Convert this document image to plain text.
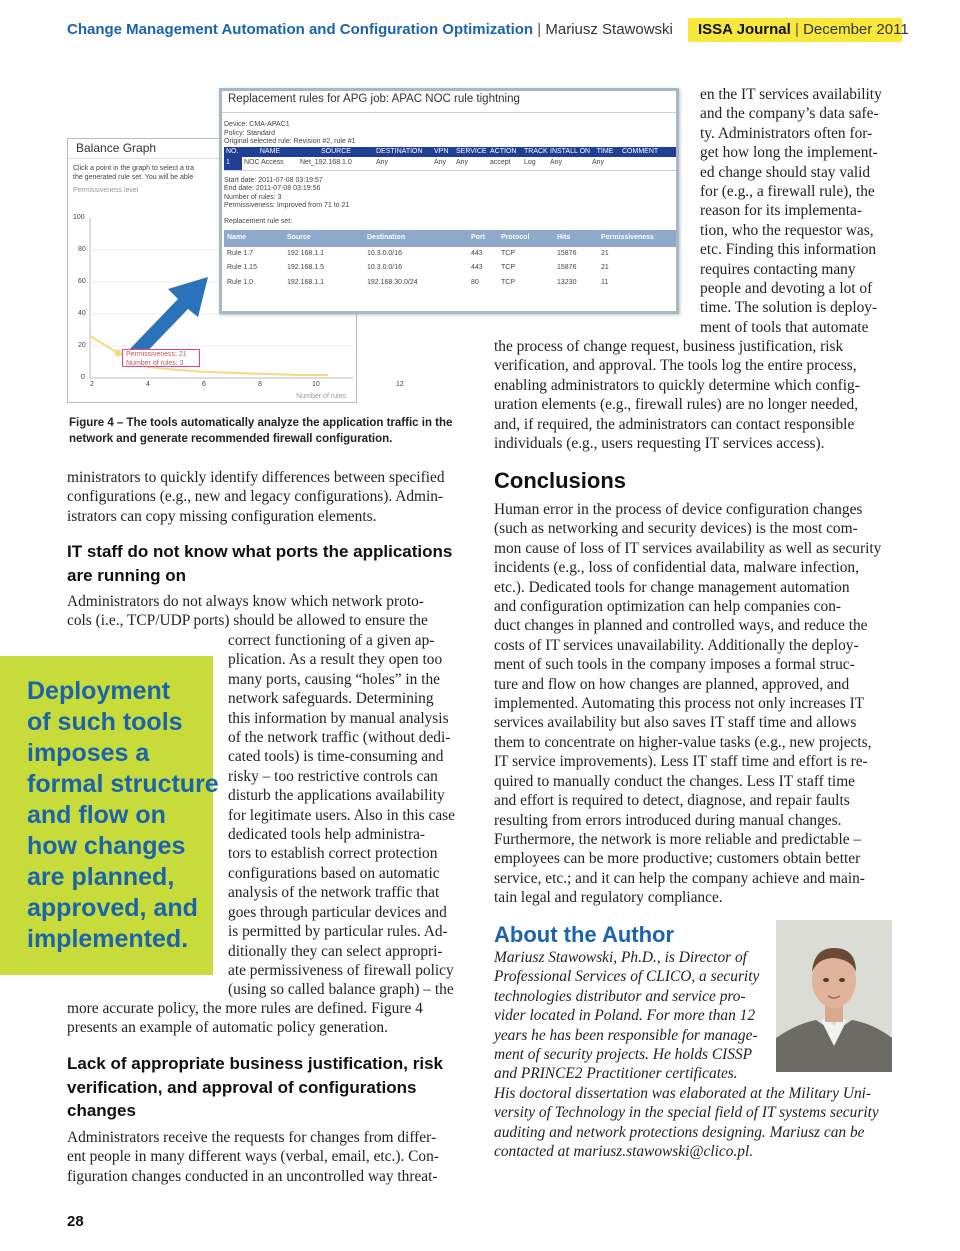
Change Management Automation and Configuration Optimization | Mariusz Stawowski	ISSA Journal | December 2011
Balance Graph
Click a point in the graph to select a tra
the generated rule set. You will be able
Permissiveness level
100
80
60
40
20
0
Permissiveness: 21
Number of rules: 3
2	4	6	8	10	12
Number of rules
Replacement rules for APG job: APAC NOC rule tightning
Device: CMA-APAC1
Policy: Standard
Original selected rule: Revision #2, rule #1
NO.	NAME	SOURCE	DESTINATION	VPN	SERVICE	ACTION	TRACK	INSTALL ON	TIME	COMMENT
1	NOC Access	Net_192.168.1.0	Any	Any	Any	accept	Log	Any	Any	
Start date: 2011-07-08 03:19:57
End date: 2011-07-08 03:19:56
Number of rules: 3
Permissiveness: Improved from 71 to 21
Replacement rule set:
Name	Source	Destination	Port	Protocol	Hits	Permissiveness
Rule 1.7	192.168.1.1	10.3.0.0/16	443	TCP	15876	21
Rule 1.15	192.168.1.5	10.3.0.0/16	443	TCP	15876	21
Rule 1.0	192.168.1.1	192.168.30.0/24	80	TCP	13230	11
Figure 4 – The tools automatically analyze the application traffic in the
network and generate recommended firewall configuration.
ministrators to quickly identify differences between specified
configurations (e.g., new and legacy configurations). Admin-
istrators can copy missing configuration elements.
IT staff do not know what ports the applications
are running on
Administrators do not always know which network proto-
cols (i.e., TCP/UDP ports) should be allowed to ensure the
correct functioning of a given ap-
plication. As a result they open too
many ports, causing “holes” in the
network safeguards. Determining
this information by manual analysis
of the network traffic (without dedi-
cated tools) is time-consuming and
risky – too restrictive controls can
disturb the applications availability
for legitimate users. Also in this case
dedicated tools help administra-
tors to establish correct protection
configurations based on automatic
analysis of the network traffic that
goes through particular devices and
is permitted by particular rules. Ad-
ditionally they can select appropri-
ate permissiveness of firewall policy
(using so called balance graph) – the
more accurate policy, the more rules are defined. Figure 4
presents an example of automatic policy generation.
Lack of appropriate business justification, risk
verification, and approval of configurations
changes
Administrators receive the requests for changes from differ-
ent people in many different ways (verbal, email, etc.). Con-
figuration changes conducted in an uncontrolled way threat-
Deployment
of such tools
imposes a
formal structure
and flow on
how changes
are planned,
approved, and
implemented.
en the IT services availability
and the company’s data safe-
ty. Administrators often for-
get how long the implement-
ed change should stay valid
for (e.g., a firewall rule), the
reason for its implementa-
tion, who the requestor was,
etc. Finding this information
requires contacting many
people and devoting a lot of
time. The solution is deploy-
ment of tools that automate
the process of change request, business justification, risk
verification, and approval. The tools log the entire process,
enabling administrators to quickly determine which config-
uration elements (e.g., firewall rules) are no longer needed,
and, if required, the administrators can contact responsible
individuals (e.g., users requesting IT services access).
Conclusions
Human error in the process of device configuration changes
(such as networking and security devices) is the most com-
mon cause of loss of IT services availability as well as security
incidents (e.g., loss of confidential data, malware infection,
etc.). Dedicated tools for change management automation
and configuration optimization can help companies con-
duct changes in planned and controlled ways, and reduce the
costs of IT services unavailability. Additionally the deploy-
ment of such tools in the company imposes a formal struc-
ture and flow on how changes are planned, approved, and
implemented. Automating this process not only increases IT
services availability but also saves IT staff time and allows
them to concentrate on higher-value tasks (e.g., new projects,
IT service improvements). Less IT staff time and effort is re-
quired to manually conduct the changes. Less IT staff time
and effort is required to detect, diagnose, and repair faults
resulting from errors introduced during manual changes.
Furthermore, the network is more reliable and predictable –
employees can be more productive; customers obtain better
service, etc.; and it can help the company achieve and main-
tain legal and regulatory compliance.
About the Author
Mariusz Stawowski, Ph.D., is Director of
Professional Services of CLICO, a security
technologies distributor and service pro-
vider located in Poland. For more than 12
years he has been responsible for manage-
ment of security projects. He holds CISSP
and PRINCE2 Practitioner certificates.
His doctoral dissertation was elaborated at the Military Uni-
versity of Technology in the special field of IT systems security
auditing and network protections designing. Mariusz can be
contacted at mariusz.stawowski@clico.pl.
28
